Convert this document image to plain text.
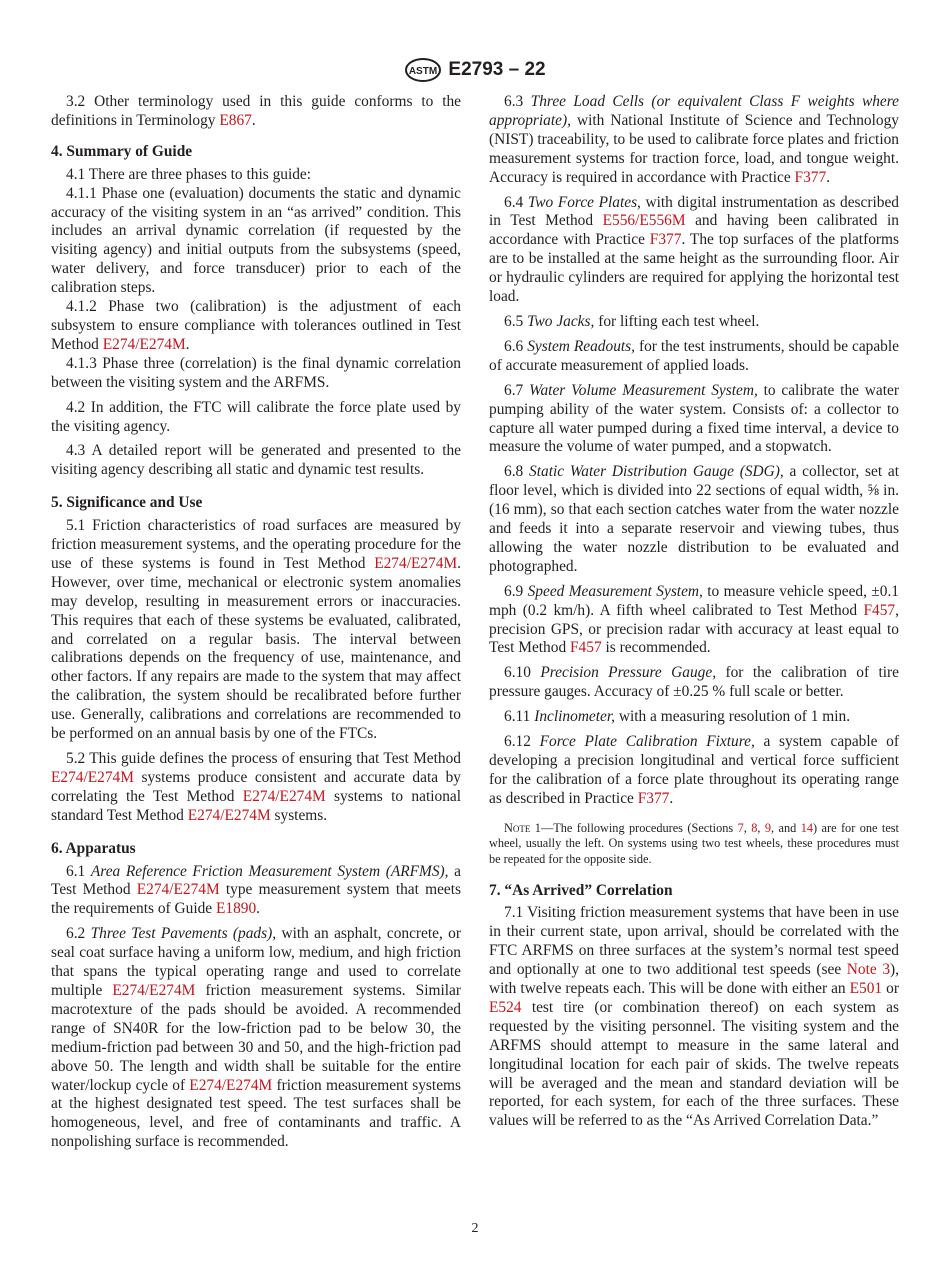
ASTM E2793 – 22

3.2 Other terminology used in this guide conforms to the definitions in Terminology E867.

4. Summary of Guide

4.1 There are three phases to this guide:

4.1.1 Phase one (evaluation) documents the static and dynamic accuracy of the visiting system in an “as arrived” condition. This includes an arrival dynamic correlation (if requested by the visiting agency) and initial outputs from the subsystems (speed, water delivery, and force transducer) prior to each of the calibration steps.

4.1.2 Phase two (calibration) is the adjustment of each subsystem to ensure compliance with tolerances outlined in Test Method E274/E274M.

4.1.3 Phase three (correlation) is the final dynamic correlation between the visiting system and the ARFMS.

4.2 In addition, the FTC will calibrate the force plate used by the visiting agency.

4.3 A detailed report will be generated and presented to the visiting agency describing all static and dynamic test results.

5. Significance and Use

5.1 Friction characteristics of road surfaces are measured by friction measurement systems, and the operating procedure for the use of these systems is found in Test Method E274/E274M. However, over time, mechanical or electronic system anomalies may develop, resulting in measurement errors or inaccuracies. This requires that each of these systems be evaluated, calibrated, and correlated on a regular basis. The interval between calibrations depends on the frequency of use, maintenance, and other factors. If any repairs are made to the system that may affect the calibration, the system should be recalibrated before further use. Generally, calibrations and correlations are recommended to be performed on an annual basis by one of the FTCs.

5.2 This guide defines the process of ensuring that Test Method E274/E274M systems produce consistent and accurate data by correlating the Test Method E274/E274M systems to national standard Test Method E274/E274M systems.

6. Apparatus

6.1 Area Reference Friction Measurement System (ARFMS), a Test Method E274/E274M type measurement system that meets the requirements of Guide E1890.

6.2 Three Test Pavements (pads), with an asphalt, concrete, or seal coat surface having a uniform low, medium, and high friction that spans the typical operating range and used to correlate multiple E274/E274M friction measurement systems. Similar macrotexture of the pads should be avoided. A recommended range of SN40R for the low-friction pad to be below 30, the medium-friction pad between 30 and 50, and the high-friction pad above 50. The length and width shall be suitable for the entire water/lockup cycle of E274/E274M friction measurement systems at the highest designated test speed. The test surfaces shall be homogeneous, level, and free of contaminants and traffic. A nonpolishing surface is recommended.

6.3 Three Load Cells (or equivalent Class F weights where appropriate), with National Institute of Science and Technology (NIST) traceability, to be used to calibrate force plates and friction measurement systems for traction force, load, and tongue weight. Accuracy is required in accordance with Practice F377.

6.4 Two Force Plates, with digital instrumentation as described in Test Method E556/E556M and having been calibrated in accordance with Practice F377. The top surfaces of the platforms are to be installed at the same height as the surrounding floor. Air or hydraulic cylinders are required for applying the horizontal test load.

6.5 Two Jacks, for lifting each test wheel.

6.6 System Readouts, for the test instruments, should be capable of accurate measurement of applied loads.

6.7 Water Volume Measurement System, to calibrate the water pumping ability of the water system. Consists of: a collector to capture all water pumped during a fixed time interval, a device to measure the volume of water pumped, and a stopwatch.

6.8 Static Water Distribution Gauge (SDG), a collector, set at floor level, which is divided into 22 sections of equal width, ⅝ in. (16 mm), so that each section catches water from the water nozzle and feeds it into a separate reservoir and viewing tubes, thus allowing the water nozzle distribution to be evaluated and photographed.

6.9 Speed Measurement System, to measure vehicle speed, ±0.1 mph (0.2 km/h). A fifth wheel calibrated to Test Method F457, precision GPS, or precision radar with accuracy at least equal to Test Method F457 is recommended.

6.10 Precision Pressure Gauge, for the calibration of tire pressure gauges. Accuracy of ±0.25 % full scale or better.

6.11 Inclinometer, with a measuring resolution of 1 min.

6.12 Force Plate Calibration Fixture, a system capable of developing a precision longitudinal and vertical force sufficient for the calibration of a force plate throughout its operating range as described in Practice F377.

Note 1—The following procedures (Sections 7, 8, 9, and 14) are for one test wheel, usually the left. On systems using two test wheels, these procedures must be repeated for the opposite side.
7. “As Arrived” Correlation

7.1 Visiting friction measurement systems that have been in use in their current state, upon arrival, should be correlated with the FTC ARFMS on three surfaces at the system’s normal test speed and optionally at one to two additional test speeds (see Note 3), with twelve repeats each. This will be done with either an E501 or E524 test tire (or combination thereof) on each system as requested by the visiting personnel. The visiting system and the ARFMS should attempt to measure in the same lateral and longitudinal location for each pair of skids. The twelve repeats will be averaged and the mean and standard deviation will be reported, for each system, for each of the three surfaces. These values will be referred to as the “As Arrived Correlation Data.”

2
